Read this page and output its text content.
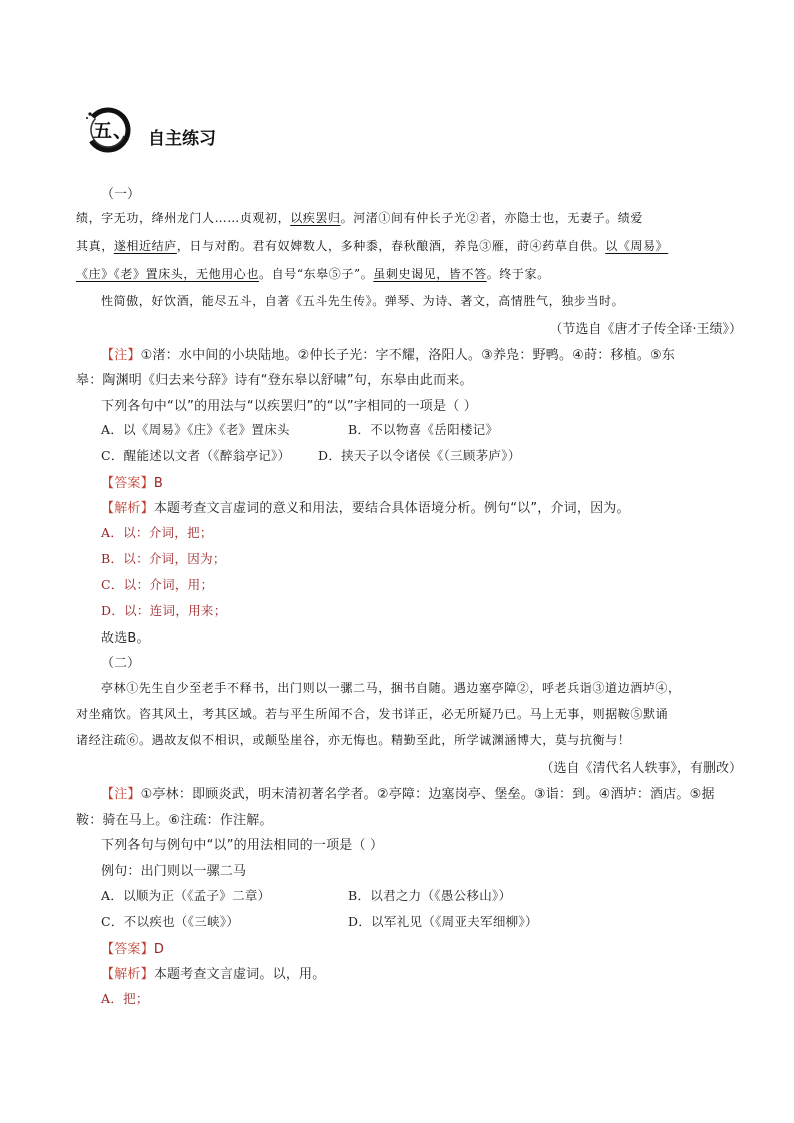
五、 自主练习
（一）
绩，字无功，绛州龙门人……贞观初，以疾罢归。河渚①间有仲长子光②者，亦隐士也，无妻子。绩爱
其真，遂相近结庐，日与对酌。君有奴婢数人，多种黍，春秋酿酒，养凫③雁，莳④药草自供。以《周易》
《庄》《老》置床头，无他用心也。自号“东皋⑤子”。虽刺史谒见，皆不答。终于家。
性简傲，好饮酒，能尽五斗，自著《五斗先生传》。弹琴、为诗、著文，高情胜气，独步当时。
（节选自《唐才子传全译·王绩》）
【注】①渚：水中间的小块陆地。②仲长子光：字不耀，洛阳人。③养凫：野鸭。④莳：移植。⑤东
皋：陶渊明《归去来兮辞》诗有“登东皋以舒啸”句，东皋由此而来。
下列各句中“以”的用法与“以疾罢归”的“以”字相同的一项是（ ）
A．以《周易》《庄》《老》置床头	B．不以物喜《岳阳楼记》
C．醒能述以文者（《醉翁亭记》） D．挟天子以令诸侯《（三顾茅庐》）
【答案】B
【解析】本题考查文言虚词的意义和用法，要结合具体语境分析。例句“以”，介词，因为。
A．以：介词，把；
B．以：介词，因为；
C．以：介词，用；
D．以：连词，用来；
故选B。
（二）
亭林①先生自少至老手不释书，出门则以一骡二马，捆书自随。遇边塞亭障②，呼老兵诣③道边酒垆④，
对坐痛饮。咨其风土，考其区域。若与平生所闻不合，发书详正，必无所疑乃已。马上无事，则据鞍⑤默诵
诸经注疏⑥。遇故友似不相识，或颠坠崖谷，亦无悔也。精勤至此，所学诚渊涵博大，莫与抗衡与！
（选自《清代名人轶事》，有删改）
【注】①亭林：即顾炎武，明末清初著名学者。②亭障：边塞岗亭、堡垒。③诣：到。④酒垆：酒店。⑤据
鞍：骑在马上。⑥注疏：作注解。
下列各句与例句中“以”的用法相同的一项是（ ）
例句：出门则以一骡二马
A．以顺为正（《孟子》二章）	B．以君之力（《愚公移山》）
C．不以疾也（《三峡》）	D．以军礼见（《周亚夫军细柳》）
【答案】D
【解析】本题考查文言虚词。以，用。
A．把；
